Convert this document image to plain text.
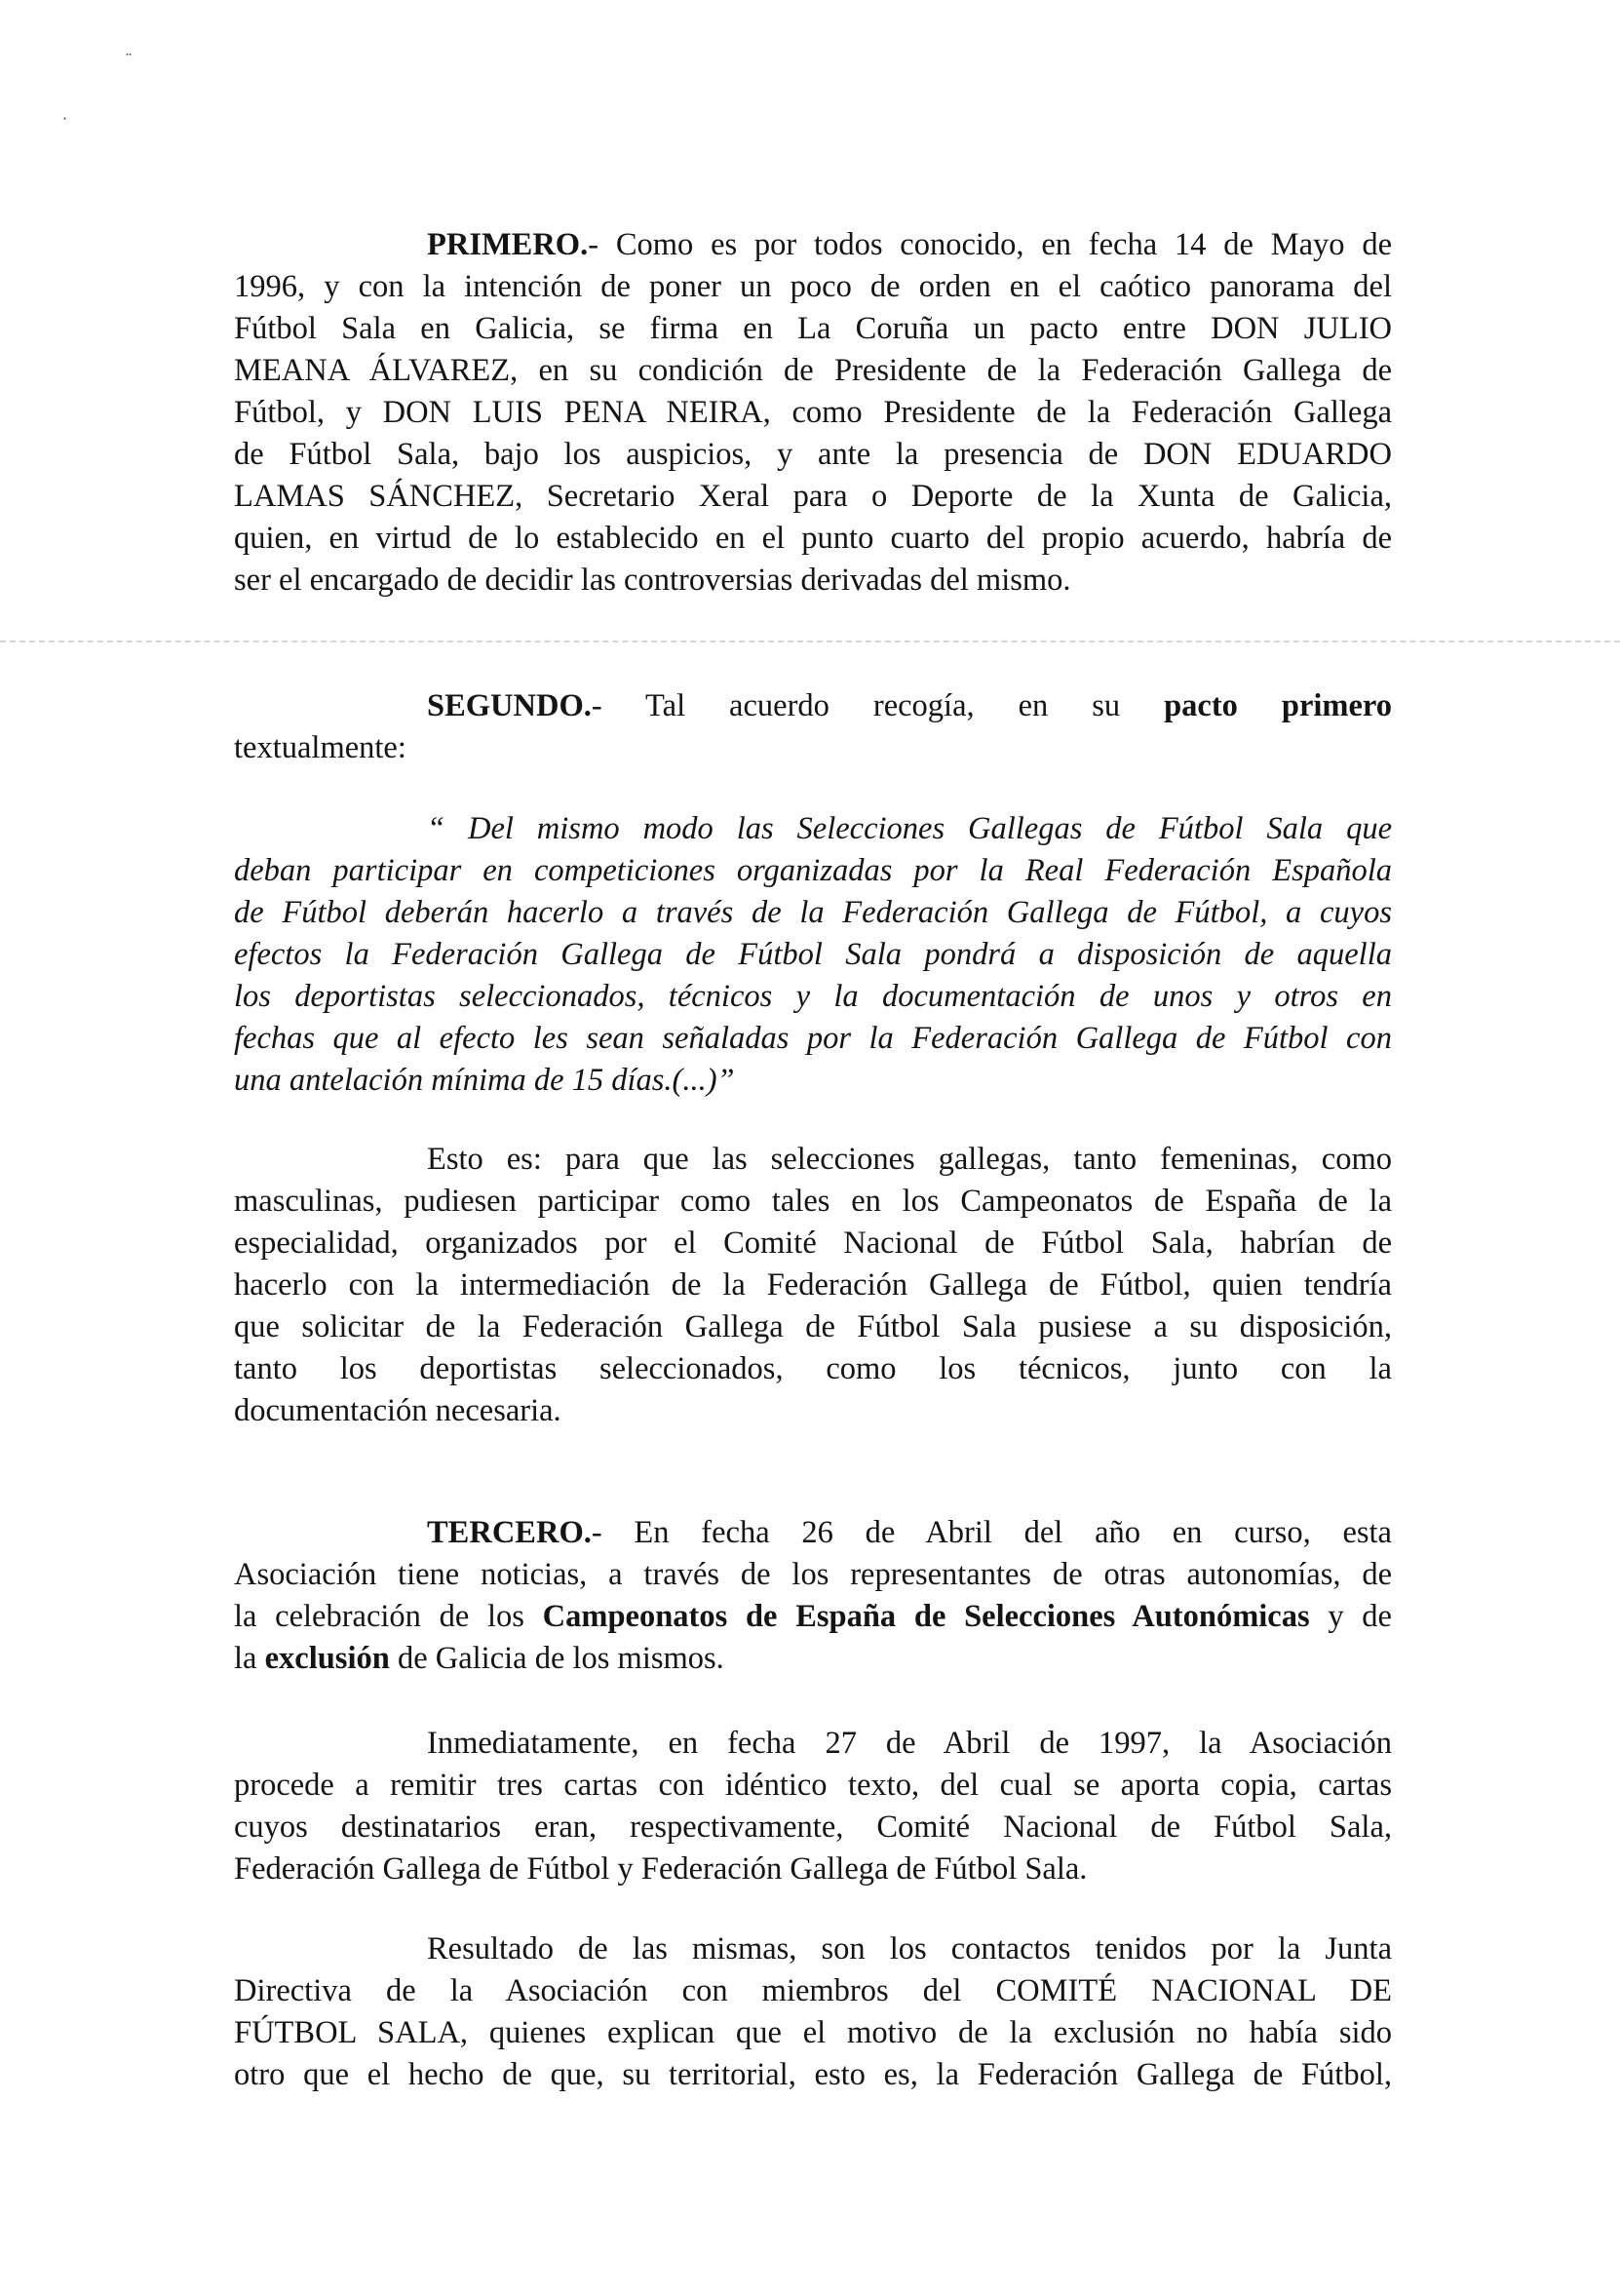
¨
·
PRIMERO.- Como es por todos conocido, en fecha 14 de Mayo de
1996, y con la intención de poner un poco de orden en el caótico panorama del
Fútbol Sala en Galicia, se firma en La Coruña un pacto entre DON JULIO
MEANA ÁLVAREZ, en su condición de Presidente de la Federación Gallega de
Fútbol, y DON LUIS PENA NEIRA, como Presidente de la Federación Gallega
de Fútbol Sala, bajo los auspicios, y ante la presencia de DON EDUARDO
LAMAS SÁNCHEZ, Secretario Xeral para o Deporte de la Xunta de Galicia,
quien, en virtud de lo establecido en el punto cuarto del propio acuerdo, habría de
ser el encargado de decidir las controversias derivadas del mismo.
SEGUNDO.- Tal acuerdo recogía, en su pacto primero
textualmente:
“ Del mismo modo las Selecciones Gallegas de Fútbol Sala que
deban participar en competiciones organizadas por la Real Federación Española
de Fútbol deberán hacerlo a través de la Federación Gallega de Fútbol, a cuyos
efectos la Federación Gallega de Fútbol Sala pondrá a disposición de aquella
los deportistas seleccionados, técnicos y la documentación de unos y otros en
fechas que al efecto les sean señaladas por la Federación Gallega de Fútbol con
una antelación mínima de 15 días.(...)”
Esto es: para que las selecciones gallegas, tanto femeninas, como
masculinas, pudiesen participar como tales en los Campeonatos de España de la
especialidad, organizados por el Comité Nacional de Fútbol Sala, habrían de
hacerlo con la intermediación de la Federación Gallega de Fútbol, quien tendría
que solicitar de la Federación Gallega de Fútbol Sala pusiese a su disposición,
tanto los deportistas seleccionados, como los técnicos, junto con la
documentación necesaria.
TERCERO.- En fecha 26 de Abril del año en curso, esta
Asociación tiene noticias, a través de los representantes de otras autonomías, de
la celebración de los Campeonatos de España de Selecciones Autonómicas y de
la exclusión de Galicia de los mismos.
Inmediatamente, en fecha 27 de Abril de 1997, la Asociación
procede a remitir tres cartas con idéntico texto, del cual se aporta copia, cartas
cuyos destinatarios eran, respectivamente, Comité Nacional de Fútbol Sala,
Federación Gallega de Fútbol y Federación Gallega de Fútbol Sala.
Resultado de las mismas, son los contactos tenidos por la Junta
Directiva de la Asociación con miembros del COMITÉ NACIONAL DE
FÚTBOL SALA, quienes explican que el motivo de la exclusión no había sido
otro que el hecho de que, su territorial, esto es, la Federación Gallega de Fútbol,
